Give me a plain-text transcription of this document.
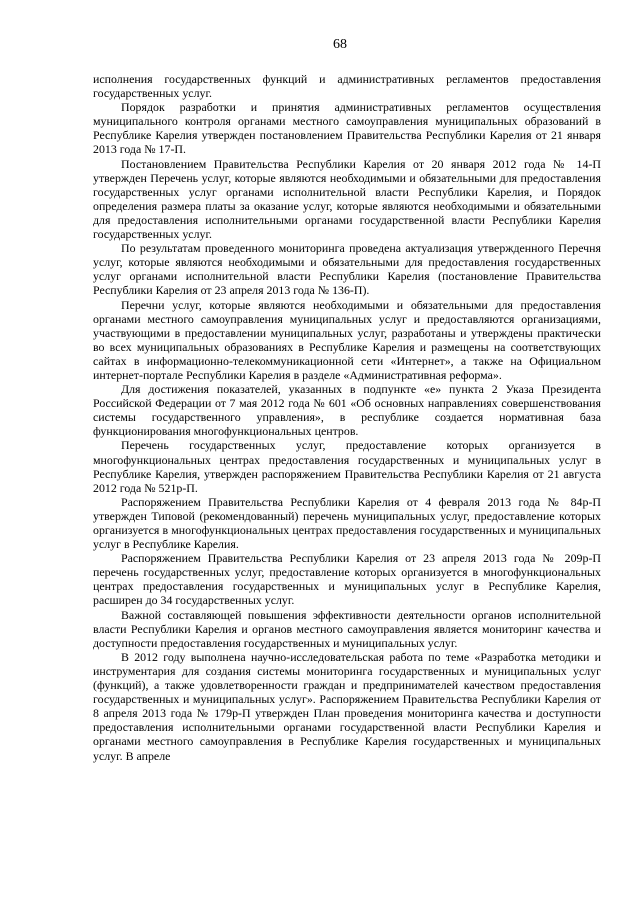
68

исполнения государственных функций и административных регламентов предоставления государственных услуг.

Порядок разработки и принятия административных регламентов осуществления муниципального контроля органами местного самоуправления муниципальных образований в Республике Карелия утвержден постановлением Правительства Республики Карелия от 21 января 2013 года № 17-П.

Постановлением Правительства Республики Карелия от 20 января 2012 года № 14-П утвержден Перечень услуг, которые являются необходимыми и обязательными для предоставления государственных услуг органами исполнительной власти Республики Карелия, и Порядок определения размера платы за оказание услуг, которые являются необходимыми и обязательными для предоставления исполнительными органами государственной власти Республики Карелия государственных услуг.

По результатам проведенного мониторинга проведена актуализация утвержденного Перечня услуг, которые являются необходимыми и обязательными для предоставления государственных услуг органами исполнительной власти Республики Карелия (постановление Правительства Республики Карелия от 23 апреля 2013 года № 136-П).

Перечни услуг, которые являются необходимыми и обязательными для предоставления органами местного самоуправления муниципальных услуг и предоставляются организациями, участвующими в предоставлении муниципальных услуг, разработаны и утверждены практически во всех муниципальных образованиях в Республике Карелия и размещены на соответствующих сайтах в информационно-телекоммуникационной сети «Интернет», а также на Официальном интернет-портале Республики Карелия в разделе «Административная реформа».

Для достижения показателей, указанных в подпункте «е» пункта 2 Указа Президента Российской Федерации от 7 мая 2012 года № 601 «Об основных направлениях совершенствования системы государственного управления», в республике создается нормативная база функционирования многофункциональных центров.

Перечень государственных услуг, предоставление которых организуется в многофункциональных центрах предоставления государственных и муниципальных услуг в Республике Карелия, утвержден распоряжением Правительства Республики Карелия от 21 августа 2012 года № 521р-П.

Распоряжением Правительства Республики Карелия от 4 февраля 2013 года № 84р-П утвержден Типовой (рекомендованный) перечень муниципальных услуг, предоставление которых организуется в многофункциональных центрах предоставления государственных и муниципальных услуг в Республике Карелия.

Распоряжением Правительства Республики Карелия от 23 апреля 2013 года № 209р-П перечень государственных услуг, предоставление которых организуется в многофункциональных центрах предоставления государственных и муниципальных услуг в Республике Карелия, расширен до 34 государственных услуг.

Важной составляющей повышения эффективности деятельности органов исполнительной власти Республики Карелия и органов местного самоуправления является мониторинг качества и доступности предоставления государственных и муниципальных услуг.

В 2012 году выполнена научно-исследовательская работа по теме «Разработка методики и инструментария для создания системы мониторинга государственных и муниципальных услуг (функций), а также удовлетворенности граждан и предпринимателей качеством предоставления государственных и муниципальных услуг». Распоряжением Правительства Республики Карелия от 8 апреля 2013 года № 179р-П утвержден План проведения мониторинга качества и доступности предоставления исполнительными органами государственной власти Республики Карелия и органами местного самоуправления в Республике Карелия государственных и муниципальных услуг. В апреле
